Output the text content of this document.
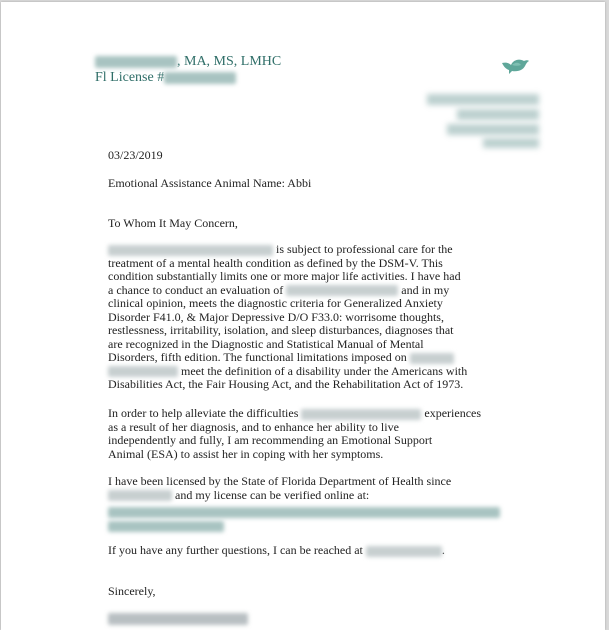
, MA, MS, LMHC
Fl License #
03/23/2019
Emotional Assistance Animal Name: Abbi
To Whom It May Concern,
is subject to professional care for the
treatment of a mental health condition as defined by the DSM-V. This
condition substantially limits one or more major life activities. I have had
a chance to conduct an evaluation of	and in my
clinical opinion, meets the diagnostic criteria for Generalized Anxiety
Disorder F41.0, & Major Depressive D/O F33.0: worrisome thoughts,
restlessness, irritability, isolation, and sleep disturbances, diagnoses that
are recognized in the Diagnostic and Statistical Manual of Mental
Disorders, fifth edition. The functional limitations imposed on
meet the definition of a disability under the Americans with
Disabilities Act, the Fair Housing Act, and the Rehabilitation Act of 1973.
In order to help alleviate the difficulties	experiences
as a result of her diagnosis, and to enhance her ability to live
independently and fully, I am recommending an Emotional Support
Animal (ESA) to assist her in coping with her symptoms.
I have been licensed by the State of Florida Department of Health since
and my license can be verified online at:
If you have any further questions, I can be reached at	.
Sincerely,
